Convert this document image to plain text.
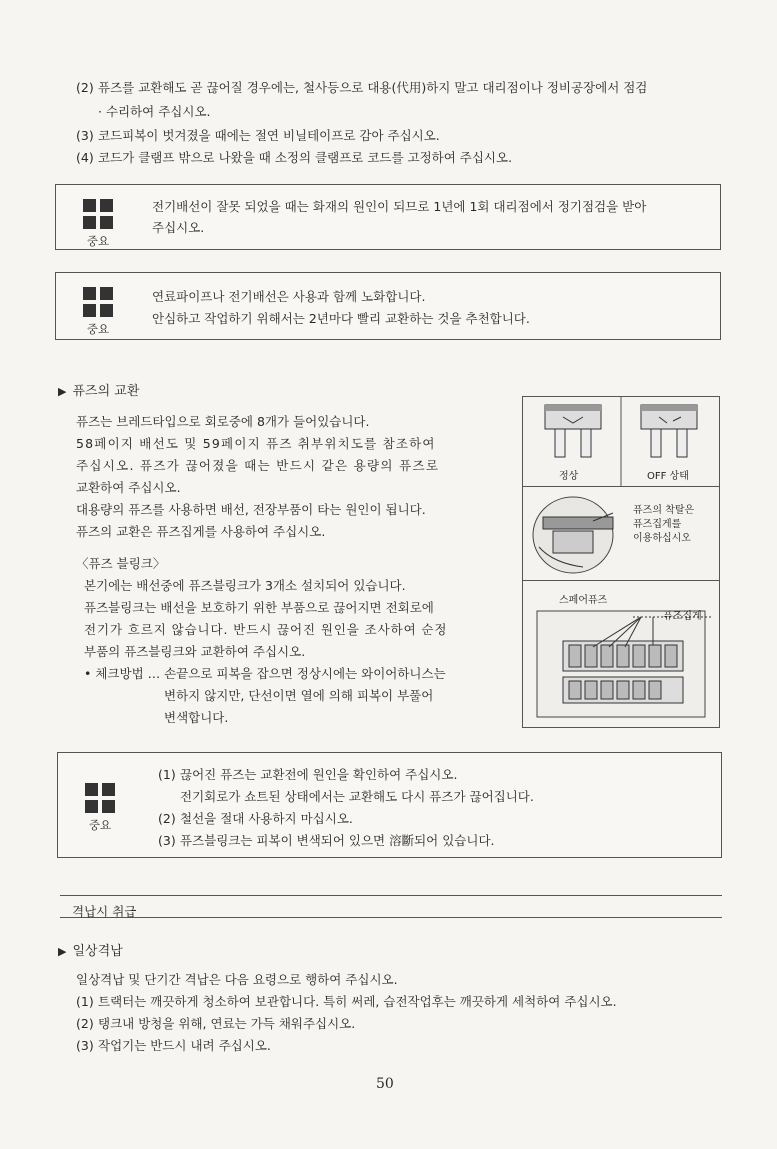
(2) 퓨즈를 교환해도 곧 끊어질 경우에는, 철사등으로 대용(代用)하지 말고 대리점이나 정비공장에서 점검
· 수리하여 주십시오.
(3) 코드피복이 벗겨졌을 때에는 절연 비닐테이프로 감아 주십시오.
(4) 코드가 클램프 밖으로 나왔을 때 소정의 클램프로 코드를 고정하여 주십시오.
중요
전기배선이 잘못 되었을 때는 화재의 원인이 되므로 1년에 1회 대리점에서 정기점검을 받아
주십시오.
중요
연료파이프나 전기배선은 사용과 함께 노화합니다.
안심하고 작업하기 위해서는 2년마다 빨리 교환하는 것을 추천합니다.
▶ 퓨즈의 교환
퓨즈는 브레드타입으로 회로중에 8개가 들어있습니다.
58페이지 배선도 및 59페이지 퓨즈 취부위치도를 참조하여
주십시오. 퓨즈가 끊어졌을 때는 반드시 같은 용량의 퓨즈로
교환하여 주십시오.
대용량의 퓨즈를 사용하면 배선, 전장부품이 타는 원인이 됩니다.
퓨즈의 교환은 퓨즈집게를 사용하여 주십시오.
〈퓨즈 블링크〉
본기에는 배선중에 퓨즈블링크가 3개소 설치되어 있습니다.
퓨즈블링크는 배선을 보호하기 위한 부품으로 끊어지면 전회로에
전기가 흐르지 않습니다. 반드시 끊어진 원인을 조사하여 순정
부품의 퓨즈블링크와 교환하여 주십시오.
• 체크방법 … 손끝으로 피복을 잡으면 정상시에는 와이어하니스는
변하지 않지만, 단선이면 열에 의해 피복이 부풀어
변색합니다.
정상	OFF 상태
퓨즈의 착탈은
퓨즈집게를
이용하십시오
스페어퓨즈
퓨즈집게
중요
(1) 끊어진 퓨즈는 교환전에 원인을 확인하여 주십시오.
전기회로가 쇼트된 상태에서는 교환해도 다시 퓨즈가 끊어집니다.
(2) 철선을 절대 사용하지 마십시오.
(3) 퓨즈블링크는 피복이 변색되어 있으면 溶斷되어 있습니다.
격납시 취급
▶ 일상격납
일상격납 및 단기간 격납은 다음 요령으로 행하여 주십시오.
(1) 트랙터는 깨끗하게 청소하여 보관합니다. 특히 써레, 습전작업후는 깨끗하게 세척하여 주십시오.
(2) 탱크내 방청을 위해, 연료는 가득 채워주십시오.
(3) 작업기는 반드시 내려 주십시오.
50
